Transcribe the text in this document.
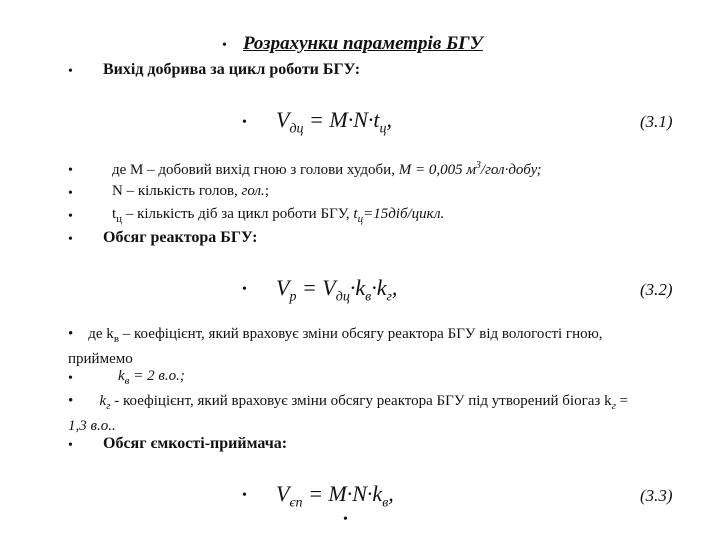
• Розрахунки параметрів БГУ
• Вихід добрива за цикл роботи БГУ:
• $V_{дц} = M\cdot N\cdot t_ц$,	(3.1)
•	де M – добовий вихід гною з голови худоби, M = 0,005 $м^3/гол\cdot добу$;
•	N – кількість голов, гол.;
•	$t_ц$ – кількість діб за цикл роботи БГУ, $t_ц=15діб$/цикл.
• Обсяг реактора БГУ:
• $V_р = V_{дц}\cdot k_в\cdot k_г$,	(3.2)
• де $k_в$ – коефіцієнт, який враховує зміни обсягу реактора БГУ від вологості гною,
приймемо
•	$k_в = 2$ в.о.;
• $k_г$ - коефіцієнт, який враховує зміни обсягу реактора БГУ під утворений біогаз $k_г$ =
1,3 в.о..
• Обсяг ємкості-приймача:
• $V_{єп} = M\cdot N\cdot k_в$,	(3.3)
•
